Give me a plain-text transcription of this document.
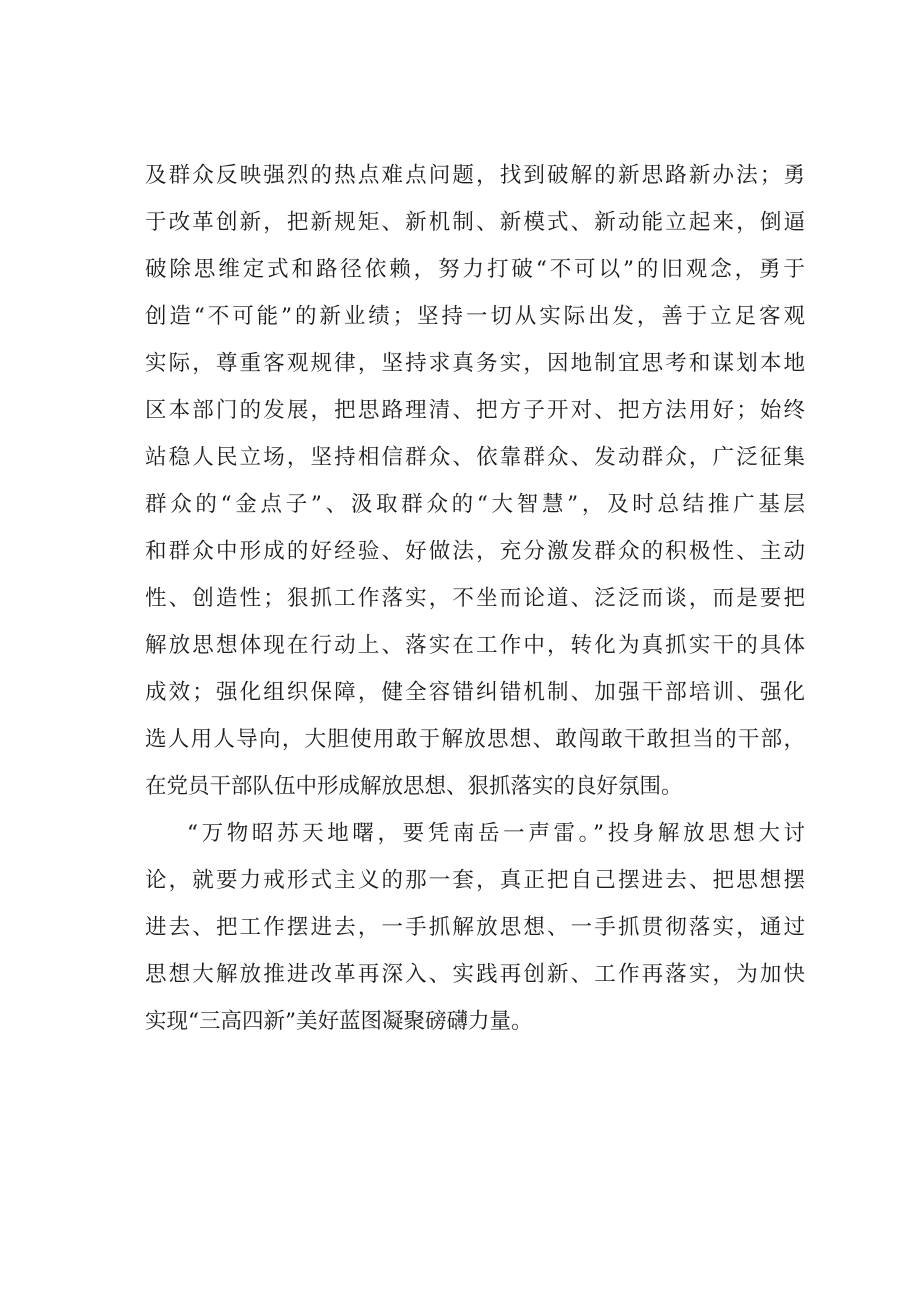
及群众反映强烈的热点难点问题，找到破解的新思路新办法；勇
于改革创新，把新规矩、新机制、新模式、新动能立起来，倒逼
破除思维定式和路径依赖，努力打破“不可以”的旧观念，勇于
创造“不可能”的新业绩；坚持一切从实际出发，善于立足客观
实际，尊重客观规律，坚持求真务实，因地制宜思考和谋划本地
区本部门的发展，把思路理清、把方子开对、把方法用好；始终
站稳人民立场，坚持相信群众、依靠群众、发动群众，广泛征集
群众的“金点子”、汲取群众的“大智慧”，及时总结推广基层
和群众中形成的好经验、好做法，充分激发群众的积极性、主动
性、创造性；狠抓工作落实，不坐而论道、泛泛而谈，而是要把
解放思想体现在行动上、落实在工作中，转化为真抓实干的具体
成效；强化组织保障，健全容错纠错机制、加强干部培训、强化
选人用人导向，大胆使用敢于解放思想、敢闯敢干敢担当的干部，
在党员干部队伍中形成解放思想、狠抓落实的良好氛围。
“万物昭苏天地曙，要凭南岳一声雷。”投身解放思想大讨
论，就要力戒形式主义的那一套，真正把自己摆进去、把思想摆
进去、把工作摆进去，一手抓解放思想、一手抓贯彻落实，通过
思想大解放推进改革再深入、实践再创新、工作再落实，为加快
实现“三高四新”美好蓝图凝聚磅礴力量。
